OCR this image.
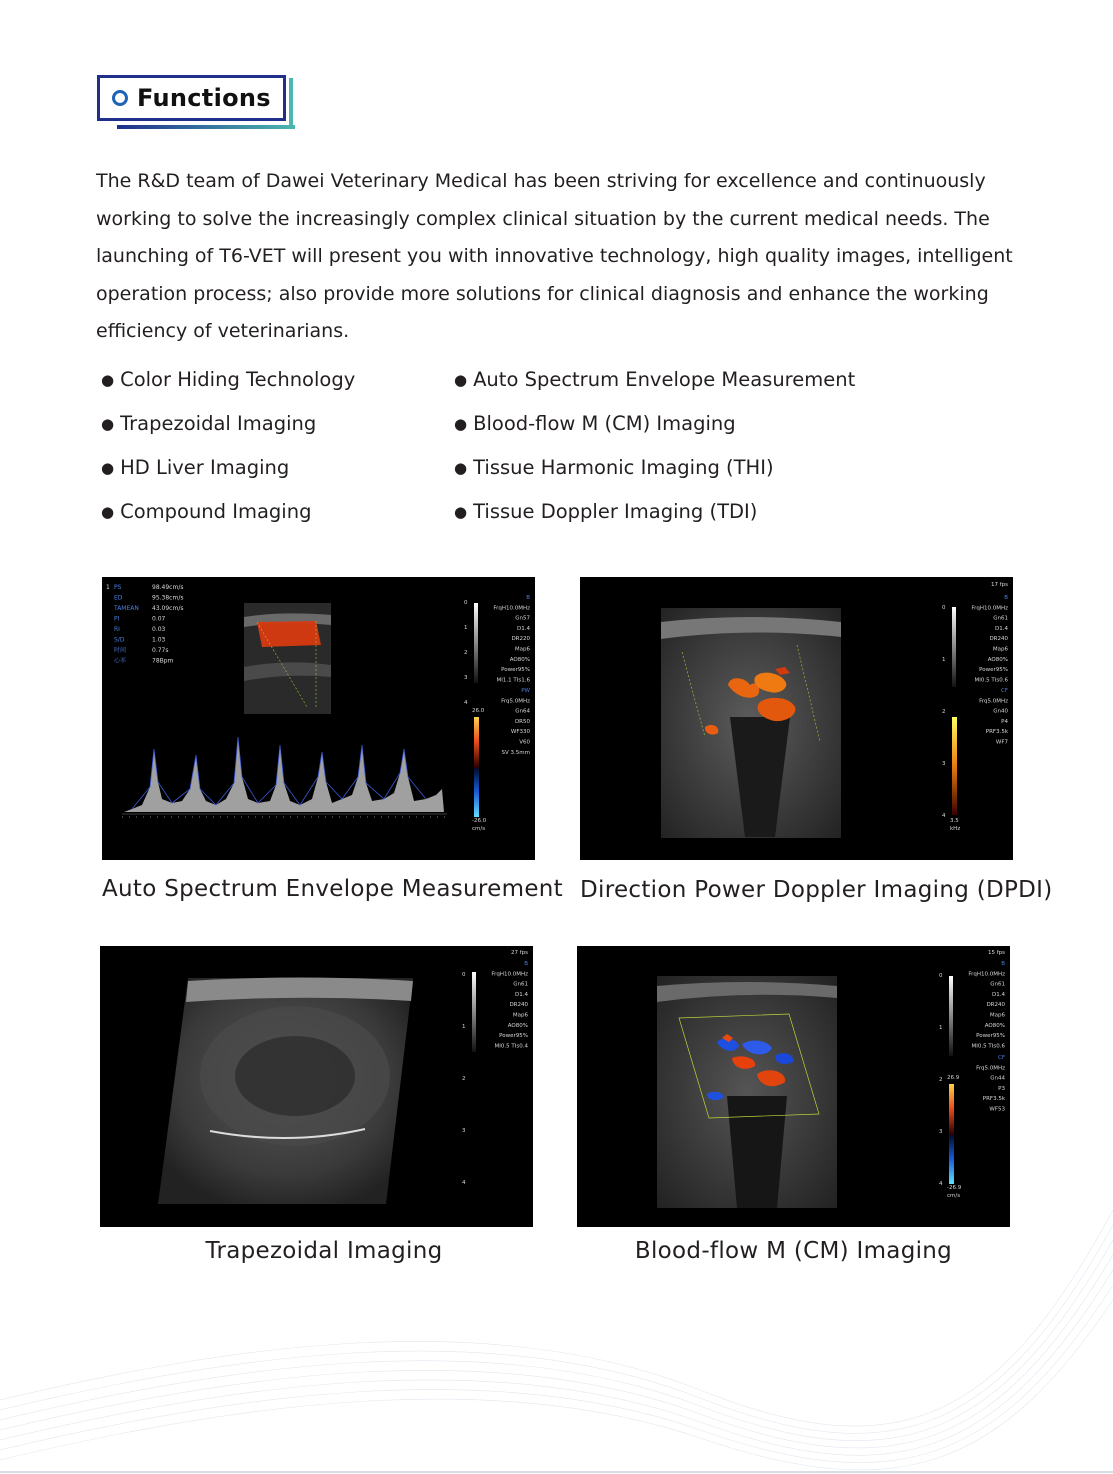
Functions

The R&D team of Dawei Veterinary Medical has been striving for excellence and continuously working to solve the increasingly complex clinical situation by the current medical needs. The launching of T6-VET will present you with innovative technology, high quality images, intelligent operation process; also provide more solutions for clinical diagnosis and enhance the working efficiency of veterinarians.

● Color Hiding Technology
● Trapezoidal Imaging
● HD Liver Imaging
● Compound Imaging
● Auto Spectrum Envelope Measurement
● Blood-flow M (CM) Imaging
● Tissue Harmonic Imaging (THI)
● Tissue Doppler Imaging (TDI)
1 PS	98.49cm/s
ED	95.38cm/s
TAMEAN 43.09cm/s
PI	0.07
RI	0.03
S/D	1.03
时间	0.77s
心率	78Bpm
0
1
2
3
4
B
FrqH10.0MHz
Gn57
D1.4
DR220
Map6
AO80%
Power95%
MI1.1 TIs1.6
PW
Frq5.0MHz
Gn64
DR50
WF330
V60
SV 3.5mm
26.0
-26.0
cm/s
Auto Spectrum Envelope Measurement
0
1
2
3
4
17 fps
B
FrqH10.0MHz
Gn61
D1.4
DR240
Map6
AO80%
Power95%
MI0.5 TIs0.6
CF
Frq5.0MHz
Gn40
P4
PRF3.5k
WF7
3.5
kHz
Direction Power Doppler Imaging (DPDI)
0
1
2
3
4
27 fps
B
FrqH10.0MHz
Gn61
D1.4
DR240
Map6
AO80%
Power95%
MI0.5 TIs0.4
Trapezoidal Imaging
0
1
2
3
4
15 fps
B
FrqH10.0MHz
Gn61
D1.4
DR240
Map6
AO80%
Power95%
MI0.5 TIs0.6
CF
Frq5.0MHz
Gn44
P3
PRF3.5k
WF53
26.9
-26.9
cm/s
Blood-flow M (CM) Imaging
